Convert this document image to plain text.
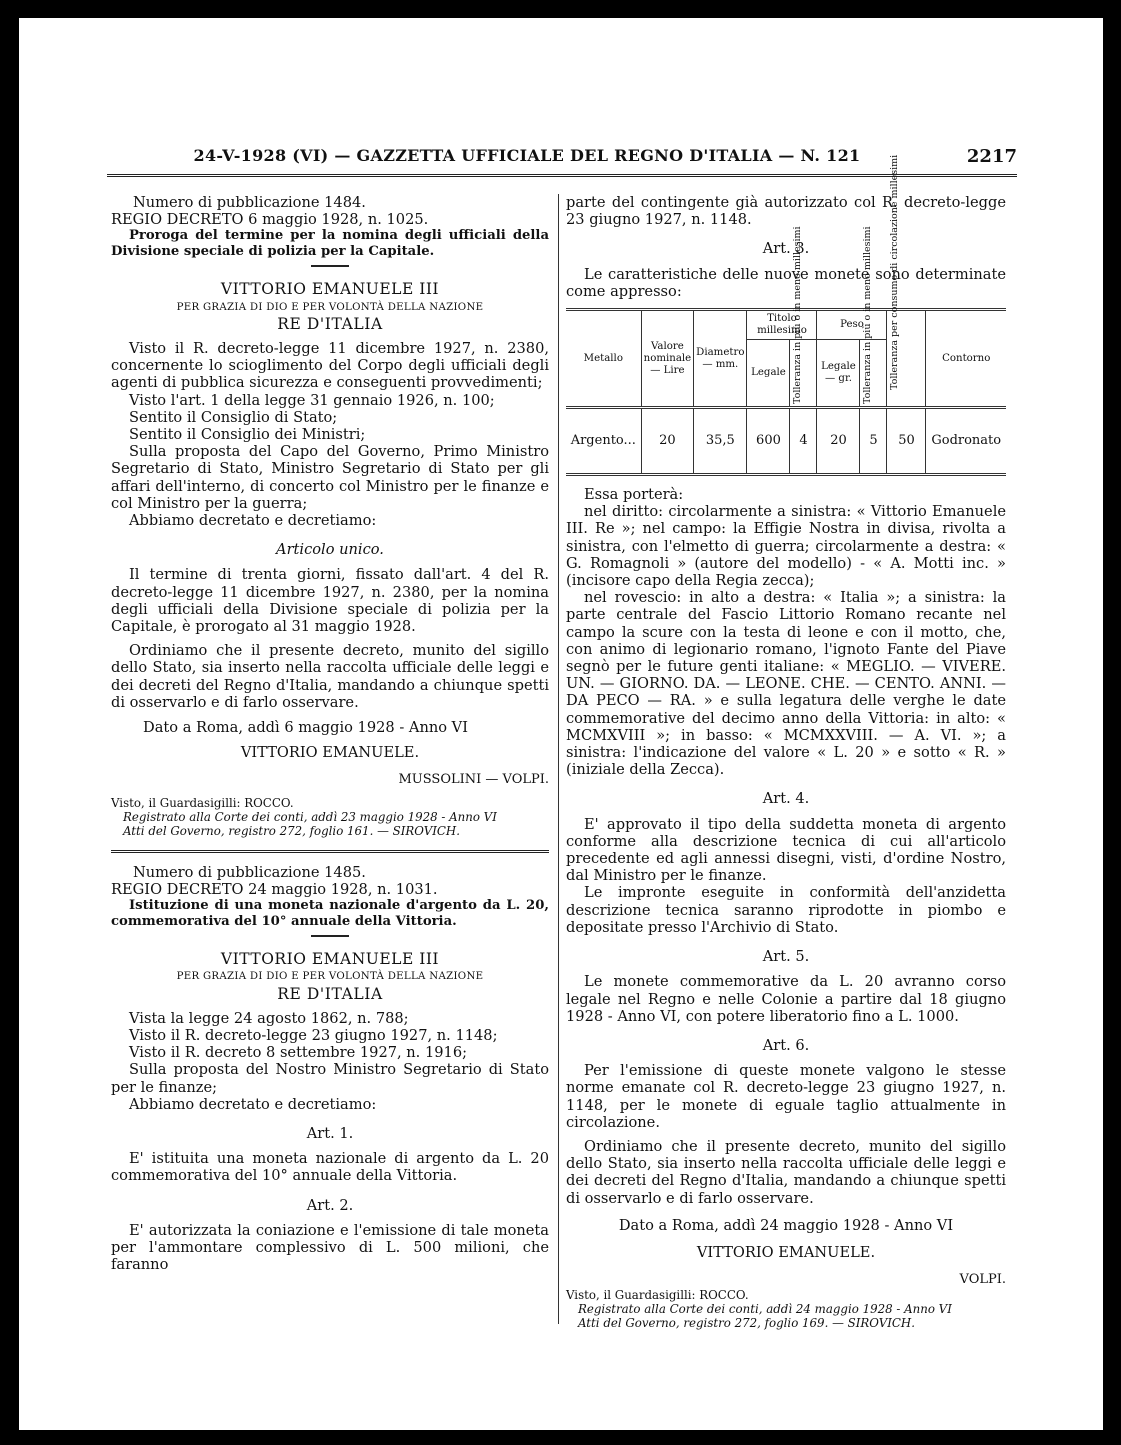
24-V-1928 (VI) — GAZZETTA UFFICIALE DEL REGNO D'ITALIA — N. 121	2217

Numero di pubblicazione 1484.

REGIO DECRETO 6 maggio 1928, n. 1025.

Proroga del termine per la nomina degli ufficiali della Divisione speciale di polizia per la Capitale.

VITTORIO EMANUELE III

PER GRAZIA DI DIO E PER VOLONTÀ DELLA NAZIONE

RE D'ITALIA

Visto il R. decreto-legge 11 dicembre 1927, n. 2380, concernente lo scioglimento del Corpo degli ufficiali degli agenti di pubblica sicurezza e conseguenti provvedimenti;

Visto l'art. 1 della legge 31 gennaio 1926, n. 100;

Sentito il Consiglio di Stato;

Sentito il Consiglio dei Ministri;

Sulla proposta del Capo del Governo, Primo Ministro Segretario di Stato, Ministro Segretario di Stato per gli affari dell'interno, di concerto col Ministro per le finanze e col Ministro per la guerra;

Abbiamo decretato e decretiamo:

Articolo unico.

Il termine di trenta giorni, fissato dall'art. 4 del R. decreto-legge 11 dicembre 1927, n. 2380, per la nomina degli ufficiali della Divisione speciale di polizia per la Capitale, è prorogato al 31 maggio 1928.

Ordiniamo che il presente decreto, munito del sigillo dello Stato, sia inserto nella raccolta ufficiale delle leggi e dei decreti del Regno d'Italia, mandando a chiunque spetti di osservarlo e di farlo osservare.

Dato a Roma, addì 6 maggio 1928 - Anno VI

VITTORIO EMANUELE.

MUSSOLINI — VOLPI.

Visto, il Guardasigilli: ROCCO.

Registrato alla Corte dei conti, addì 23 maggio 1928 - Anno VI

Atti del Governo, registro 272, foglio 161. — SIROVICH.

Numero di pubblicazione 1485.

REGIO DECRETO 24 maggio 1928, n. 1031.

Istituzione di una moneta nazionale d'argento da L. 20, commemorativa del 10° annuale della Vittoria.

VITTORIO EMANUELE III

PER GRAZIA DI DIO E PER VOLONTÀ DELLA NAZIONE

RE D'ITALIA

Vista la legge 24 agosto 1862, n. 788;

Visto il R. decreto-legge 23 giugno 1927, n. 1148;

Visto il R. decreto 8 settembre 1927, n. 1916;

Sulla proposta del Nostro Ministro Segretario di Stato per le finanze;

Abbiamo decretato e decretiamo:

Art. 1.

E' istituita una moneta nazionale di argento da L. 20 commemorativa del 10° annuale della Vittoria.

Art. 2.

E' autorizzata la coniazione e l'emissione di tale moneta per l'ammontare complessivo di L. 500 milioni, che faranno

parte del contingente già autorizzato col R. decreto-legge 23 giugno 1927, n. 1148.

Art. 3.

Le caratteristiche delle nuove monete sono determinate come appresso:

Metallo	Valore nominale — Lire	Diametro — mm.	Titolo millesimo		Peso		Tolleranza per consumo di circolazione millesimi	Contorno
			Legale	Tolleranza in più o in meno millesimi	Legale — gr.	Tolleranza in più o in meno millesimi		

Argento...	20	35,5	600	4	20	5	50	Godronato

Essa porterà:

nel diritto: circolarmente a sinistra: « Vittorio Emanuele III. Re »; nel campo: la Effigie Nostra in divisa, rivolta a sinistra, con l'elmetto di guerra; circolarmente a destra: « G. Romagnoli » (autore del modello) - « A. Motti inc. » (incisore capo della Regia zecca);

nel rovescio: in alto a destra: « Italia »; a sinistra: la parte centrale del Fascio Littorio Romano recante nel campo la scure con la testa di leone e con il motto, che, con animo di legionario romano, l'ignoto Fante del Piave segnò per le future genti italiane: « MEGLIO. — VIVERE. UN. — GIORNO. DA. — LEONE. CHE. — CENTO. ANNI. — DA PECO — RA. » e sulla legatura delle verghe le date commemorative del decimo anno della Vittoria: in alto: « MCMXVIII »; in basso: « MCMXXVIII. — A. VI. »; a sinistra: l'indicazione del valore « L. 20 » e sotto « R. » (iniziale della Zecca).

Art. 4.

E' approvato il tipo della suddetta moneta di argento conforme alla descrizione tecnica di cui all'articolo precedente ed agli annessi disegni, visti, d'ordine Nostro, dal Ministro per le finanze.

Le impronte eseguite in conformità dell'anzidetta descrizione tecnica saranno riprodotte in piombo e depositate presso l'Archivio di Stato.

Art. 5.

Le monete commemorative da L. 20 avranno corso legale nel Regno e nelle Colonie a partire dal 18 giugno 1928 - Anno VI, con potere liberatorio fino a L. 1000.

Art. 6.

Per l'emissione di queste monete valgono le stesse norme emanate col R. decreto-legge 23 giugno 1927, n. 1148, per le monete di eguale taglio attualmente in circolazione.

Ordiniamo che il presente decreto, munito del sigillo dello Stato, sia inserto nella raccolta ufficiale delle leggi e dei decreti del Regno d'Italia, mandando a chiunque spetti di osservarlo e di farlo osservare.

Dato a Roma, addì 24 maggio 1928 - Anno VI

VITTORIO EMANUELE.

VOLPI.

Visto, il Guardasigilli: ROCCO.

Registrato alla Corte dei conti, addì 24 maggio 1928 - Anno VI

Atti del Governo, registro 272, foglio 169. — SIROVICH.
